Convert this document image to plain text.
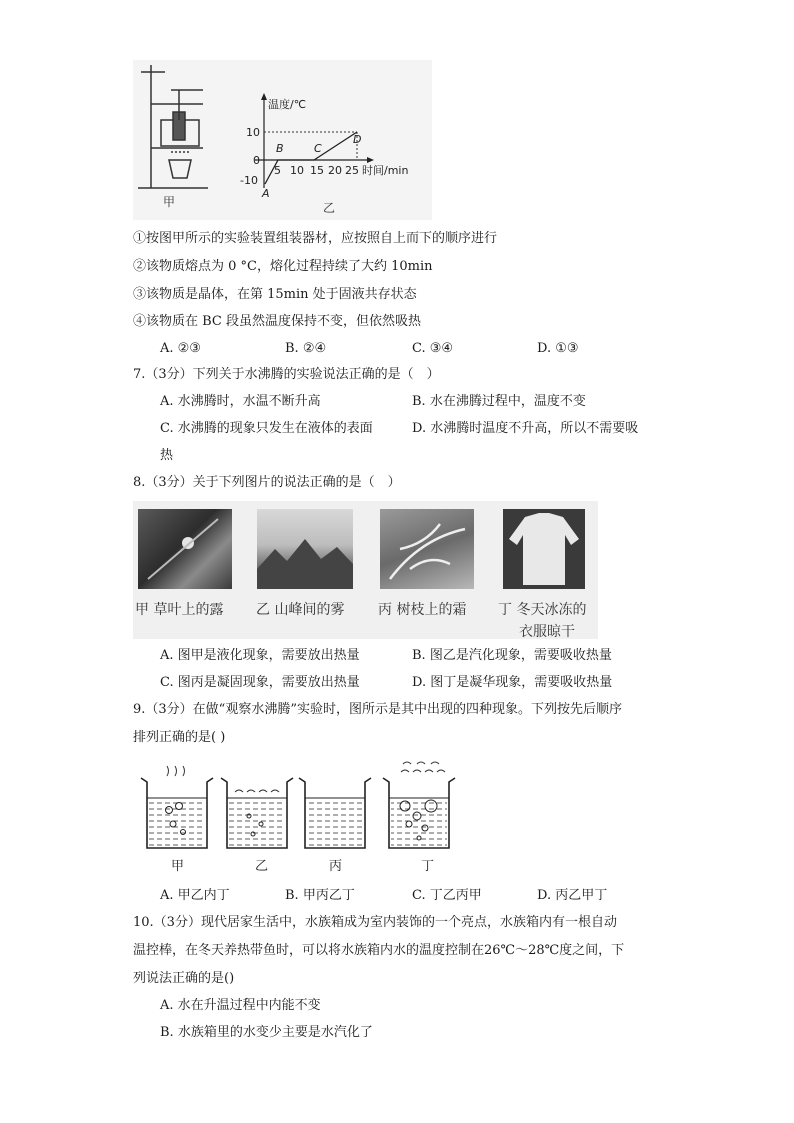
甲
温度/℃
时间/min
10
0
-10
5 10 15 20 25
A
B	C
D
乙
①按图甲所示的实验装置组装器材，应按照自上而下的顺序进行
②该物质熔点为 0 °C，熔化过程持续了大约 10min
③该物质是晶体，在第 15min 处于固液共存状态
④该物质在 BC 段虽然温度保持不变，但依然吸热
A. ②③	B. ②④	C. ③④	D. ①③
7.（3分）下列关于水沸腾的实验说法正确的是（　）
A. 水沸腾时，水温不断升高	B. 水在沸腾过程中，温度不变
C. 水沸腾的现象只发生在液体的表面	D. 水沸腾时温度不升高，所以不需要吸
热
8.（3分）关于下列图片的说法正确的是（　）
甲 草叶上的露 乙 山峰间的雾 丙 树枝上的霜 丁 冬天冰冻的
衣服晾干
A. 图甲是液化现象，需要放出热量	B. 图乙是汽化现象，需要吸收热量
C. 图丙是凝固现象，需要放出热量	D. 图丁是凝华现象，需要吸收热量
9.（3分）在做“观察水沸腾”实验时，图所示是其中出现的四种现象。下列按先后顺序
排列正确的是( )
甲	乙	丙	丁
A. 甲乙内丁	B. 甲丙乙丁	C. 丁乙丙甲	D. 丙乙甲丁
10.（3分）现代居家生活中，水族箱成为室内装饰的一个亮点，水族箱内有一根自动
温控棒，在冬天养热带鱼时，可以将水族箱内水的温度控制在26℃～28℃度之间，下
列说法正确的是()
A. 水在升温过程中内能不变
B. 水族箱里的水变少主要是水汽化了
